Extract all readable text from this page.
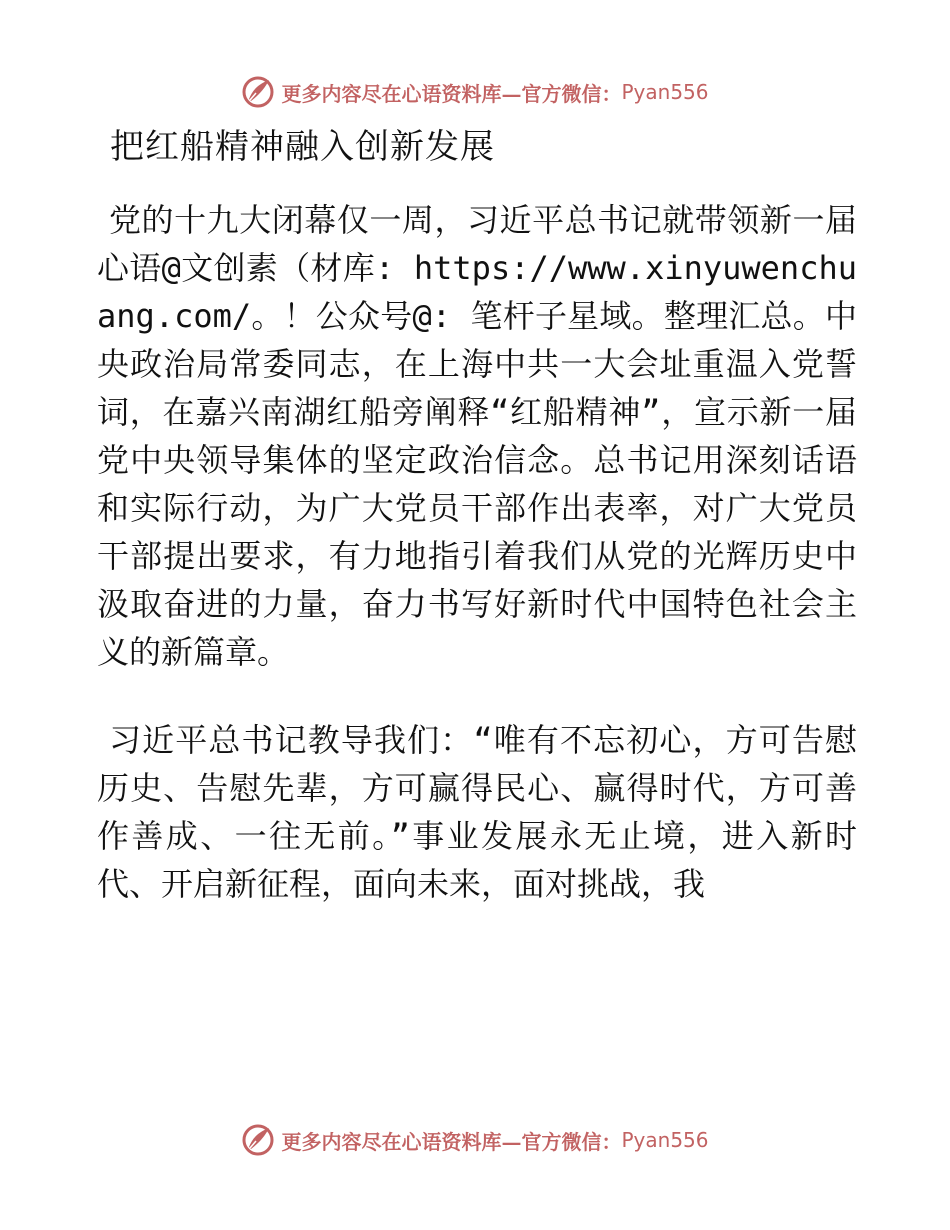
更多内容尽在心语资料库—官方微信： Pyan556
把红船精神融入创新发展

党的十九大闭幕仅一周，习近平总书记就带领新一届心语@文创素（材库: https://www.xinyuwenchuang.com/。！公众号@: 笔杆子星域。整理汇总。中央政治局常委同志，在上海中共一大会址重温入党誓词，在嘉兴南湖红船旁阐释“红船精神”，宣示新一届党中央领导集体的坚定政治信念。总书记用深刻话语和实际行动，为广大党员干部作出表率，对广大党员干部提出要求，有力地指引着我们从党的光辉历史中汲取奋进的力量，奋力书写好新时代中国特色社会主义的新篇章。

习近平总书记教导我们：“唯有不忘初心，方可告慰历史、告慰先辈，方可赢得民心、赢得时代，方可善作善成、一往无前。”事业发展永无止境，进入新时代、开启新征程，面向未来，面对挑战，我

更多内容尽在心语资料库—官方微信： Pyan556
